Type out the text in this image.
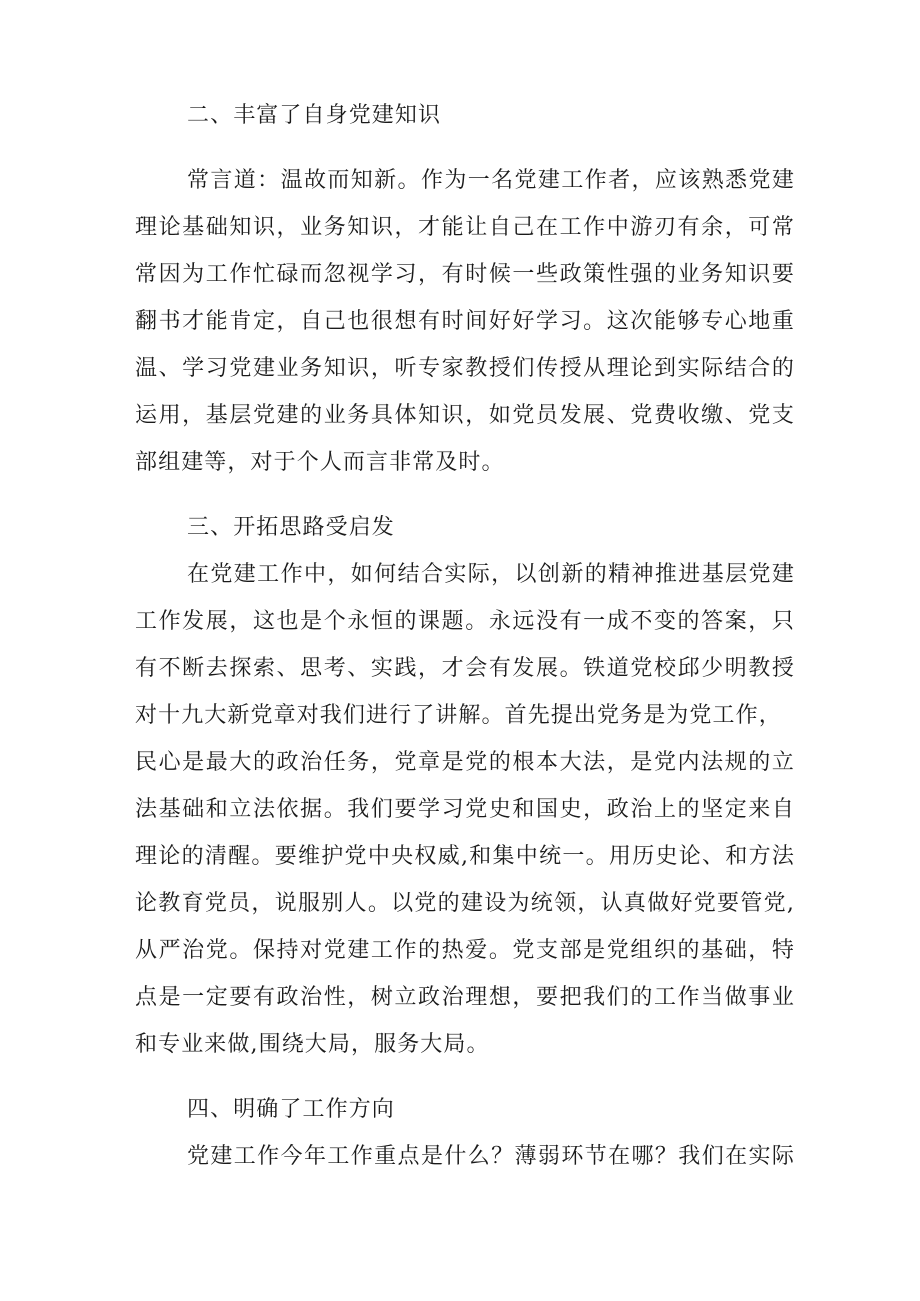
二、丰富了自身党建知识
常言道：温故而知新。作为一名党建工作者，应该熟悉党建
理论基础知识，业务知识，才能让自己在工作中游刃有余，可常
常因为工作忙碌而忽视学习，有时候一些政策性强的业务知识要
翻书才能肯定，自己也很想有时间好好学习。这次能够专心地重
温、学习党建业务知识，听专家教授们传授从理论到实际结合的
运用，基层党建的业务具体知识，如党员发展、党费收缴、党支
部组建等，对于个人而言非常及时。
三、开拓思路受启发
在党建工作中，如何结合实际，以创新的精神推进基层党建
工作发展，这也是个永恒的课题。永远没有一成不变的答案，只
有不断去探索、思考、实践，才会有发展。铁道党校邱少明教授
对十九大新党章对我们进行了讲解。首先提出党务是为党工作，
民心是最大的政治任务，党章是党的根本大法，是党内法规的立
法基础和立法依据。我们要学习党史和国史，政治上的坚定来自
理论的清醒。要维护党中央权威,和集中统一。用历史论、和方法
论教育党员，说服别人。以党的建设为统领，认真做好党要管党,
从严治党。保持对党建工作的热爱。党支部是党组织的基础，特
点是一定要有政治性，树立政治理想，要把我们的工作当做事业
和专业来做,围绕大局，服务大局。
四、明确了工作方向
党建工作今年工作重点是什么？薄弱环节在哪？我们在实际
